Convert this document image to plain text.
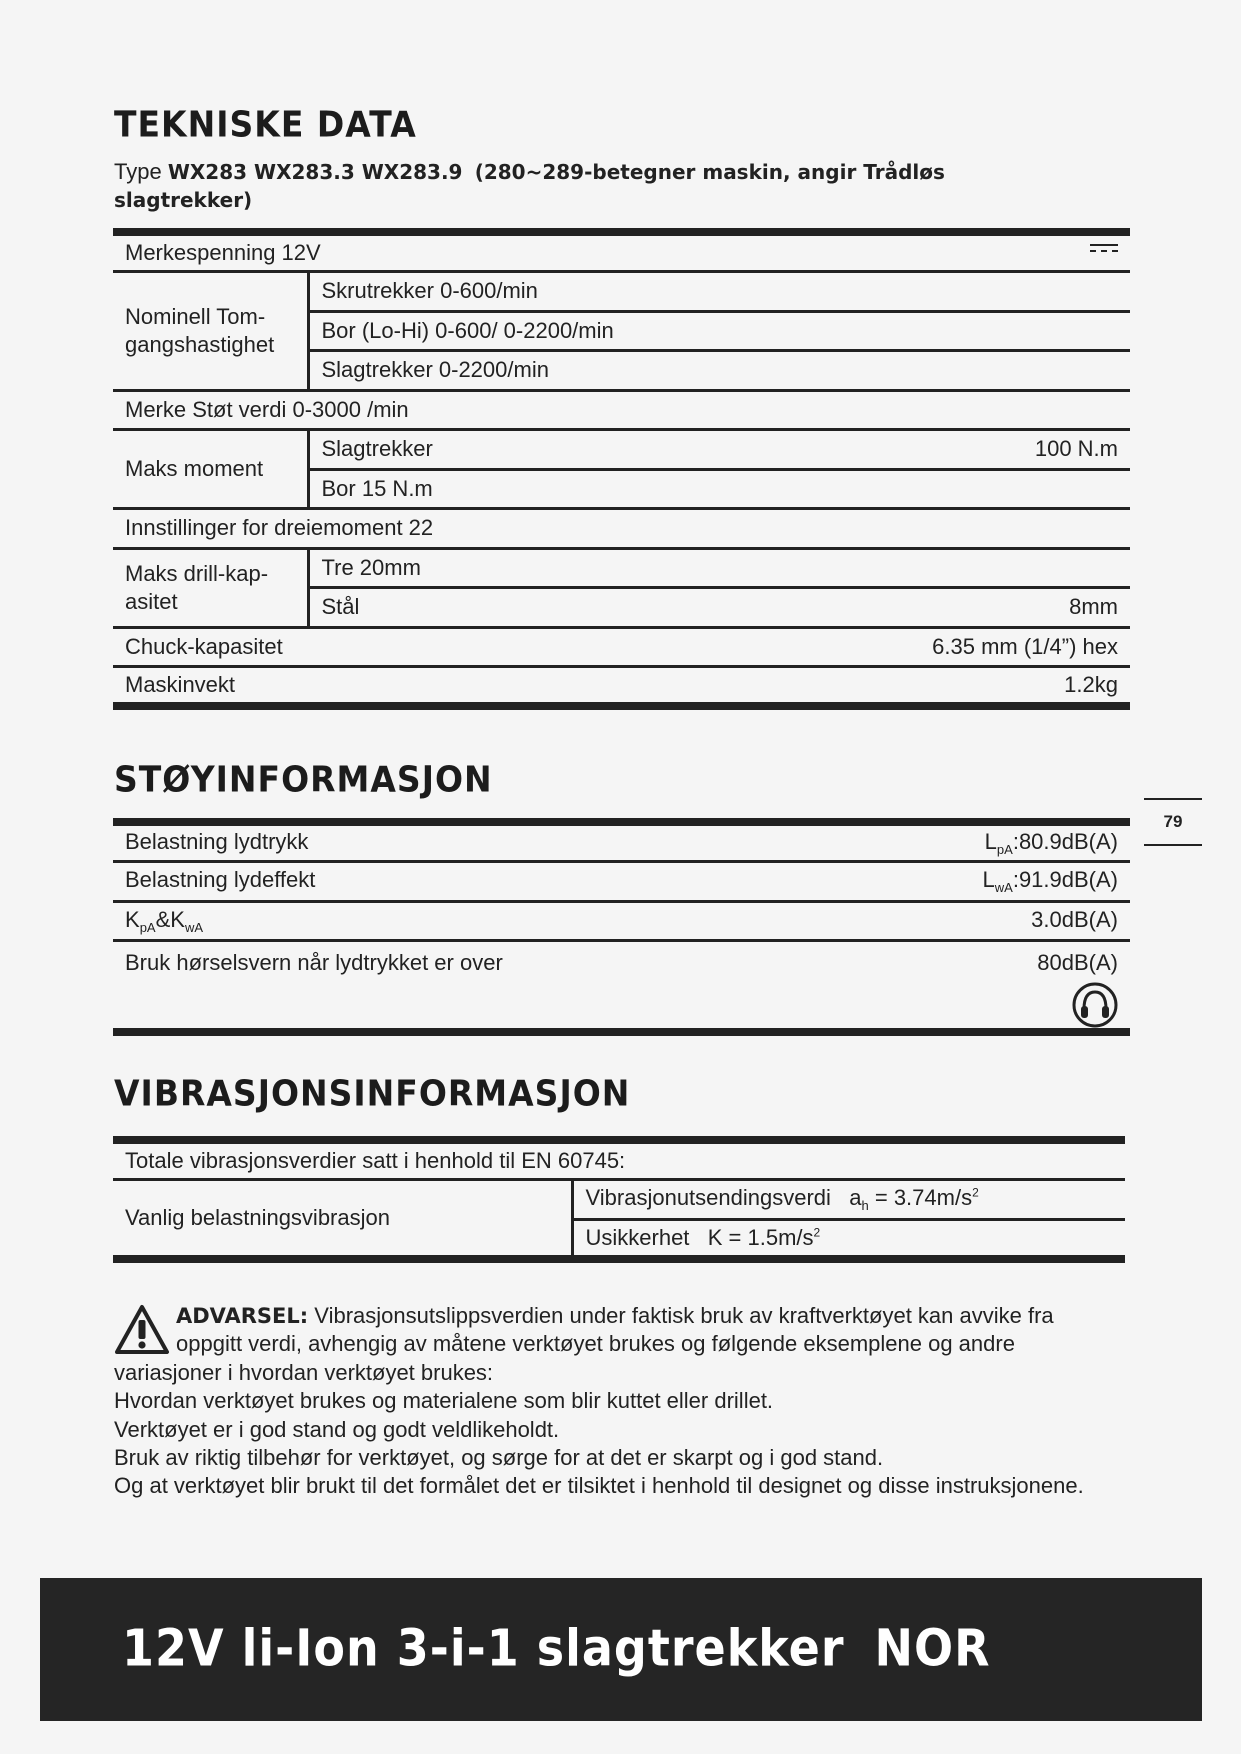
TEKNISKE DATA
Type WX283 WX283.3 WX283.9 (280~289-betegner maskin, angir Trådløs slagtrekker)
Merkespenning 12V	

Nominell Tom-gangshastighet	Skrutrekker 0-600/min
	Bor (Lo-Hi) 0-600/ 0-2200/min
	Slagtrekker 0-2200/min
Merke Støt verdi 0-3000 /min	
Maks moment	Slagtrekker 100 N.m

	Bor 15 N.m
Innstillinger for dreiemoment 22	
Maks drill-kap-asitet	Tre 20mm
	Stål 8mm

Chuck-kapasitet 6.35 mm (1/4”) hex	

Maskinvekt 1.2kg	
STØYINFORMASJON
79
Belastning lydtrykk	$L_{pA}:80.9dB(A)$

Belastning lydeffekt	$L_{wA}:91.9dB(A)$

$K_{pA}\&K_{wA}$	3.0dB(A)

Bruk hørselsvern når lydtrykket er over	80dB(A)
VIBRASJONSINFORMASJON
Totale vibrasjonsverdier satt i henhold til EN 60745:
Vanlig belastningsvibrasjon	Vibrasjonutsendingsverdi $a_h = 3.74m/s^2$
Usikkerhet $K = 1.5m/s^2$

ADVARSEL: Vibrasjonsutslippsverdien under faktisk bruk av kraftverktøyet kan avvike fra oppgitt verdi, avhengig av måtene verktøyet brukes og følgende eksemplene og andre variasjoner i hvordan verktøyet brukes:

Hvordan verktøyet brukes og materialene som blir kuttet eller drillet.

Verktøyet er i god stand og godt veldlikeholdt.

Bruk av riktig tilbehør for verktøyet, og sørge for at det er skarpt og i god stand.

Og at verktøyet blir brukt til det formålet det er tilsiktet i henhold til designet og disse instruksjonene.

12V li-Ion 3-i-1 slagtrekker NOR
